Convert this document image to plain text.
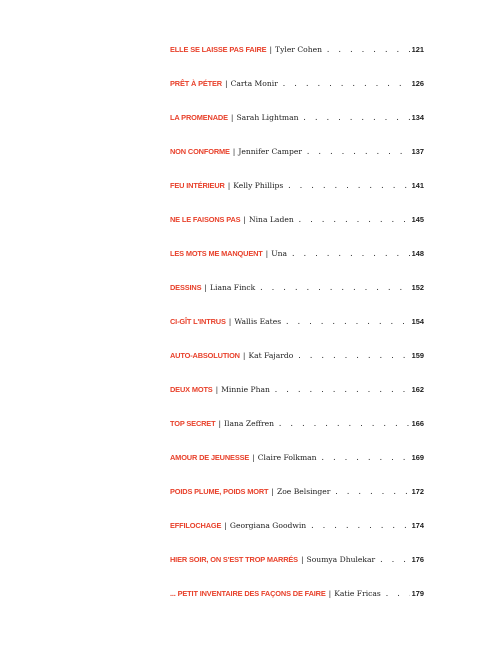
ELLE SE LAISSE PAS FAIRE | Tyler Cohen . . .	121
PRÊT À PÉTER | Carta Monir . . .	126
LA PROMENADE | Sarah Lightman . . .	134
NON CONFORME | Jennifer Camper . . .	137
FEU INTÉRIEUR | Kelly Phillips . . .	141
NE LE FAISONS PAS | Nina Laden . . .	145
LES MOTS ME MANQUENT | Una . . .	148
DESSINS | Liana Finck . . .	152
CI-GÎT L'INTRUS | Wallis Eates . . .	154
AUTO-ABSOLUTION | Kat Fajardo . . .	159
DEUX MOTS | Minnie Phan . . .	162
TOP SECRET | Ilana Zeffren . . .	166
AMOUR DE JEUNESSE | Claire Folkman . . .	169
POIDS PLUME, POIDS MORT | Zoe Belsinger . . .	172
EFFILOCHAGE | Georgiana Goodwin . . .	174
HIER SOIR, ON S'EST TROP MARRÉS | Soumya Dhulekar . . .	176
... PETIT INVENTAIRE DES FAÇONS DE FAIRE | Katie Fricas . . .	179
